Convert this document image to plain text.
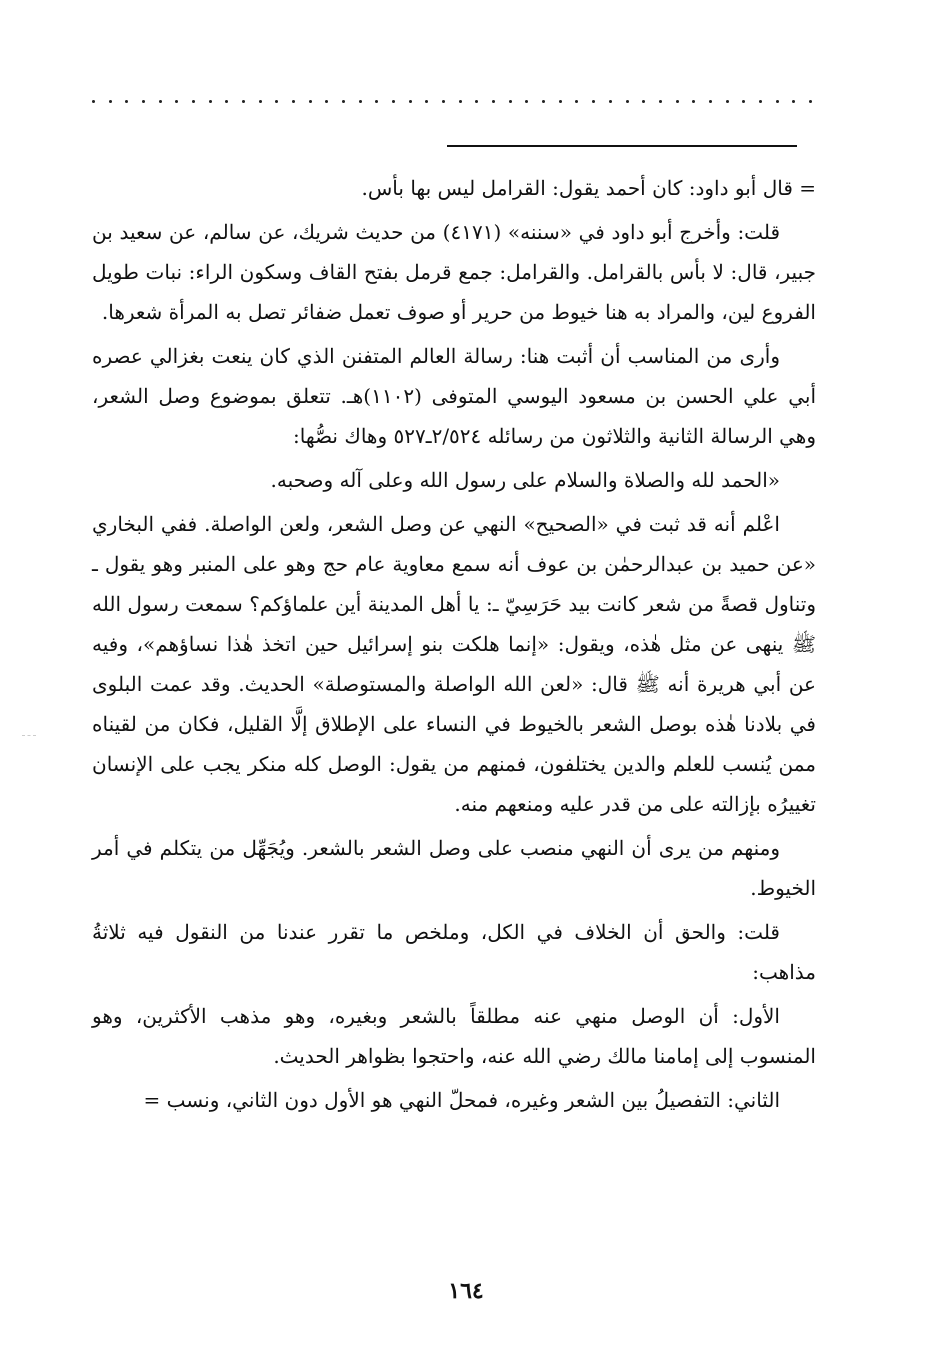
= قال أبو داود: كان أحمد يقول: القرامل ليس بها بأس.

قلت: وأخرج أبو داود في «سننه» (٤١٧١) من حديث شريك، عن سالم، عن سعيد بن جبير، قال: لا بأس بالقرامل. والقرامل: جمع قرمل بفتح القاف وسكون الراء: نبات طويل الفروع لين، والمراد به هنا خيوط من حرير أو صوف تعمل ضفائر تصل به المرأة شعرها.

وأرى من المناسب أن أثبت هنا: رسالة العالم المتفنن الذي كان ينعت بغزالي عصره أبي علي الحسن بن مسعود اليوسي المتوفى (١١٠٢)هـ. تتعلق بموضوع وصل الشعر، وهي الرسالة الثانية والثلاثون من رسائله ٢/٥٢٤ـ٥٢٧ وهاك نصُّها:

«الحمد لله والصلاة والسلام على رسول الله وعلى آله وصحبه.

اعْلم أنه قد ثبت في «الصحيح» النهي عن وصل الشعر، ولعن الواصلة. ففي البخاري «عن حميد بن عبدالرحمٰن بن عوف أنه سمع معاوية عام حج وهو على المنبر وهو يقول ـ وتناول قصةً من شعر كانت بيد حَرَسِيّ ـ: يا أهل المدينة أين علماؤكم؟ سمعت رسول الله ﷺ ينهى عن مثل هٰذه، ويقول: «إنما هلكت بنو إسرائيل حين اتخذ هٰذا نساؤهم»، وفيه عن أبي هريرة أنه ﷺ قال: «لعن الله الواصلة والمستوصلة» الحديث. وقد عمت البلوى في بلادنا هٰذه بوصل الشعر بالخيوط في النساء على الإطلاق إلَّا القليل، فكان من لقيناه ممن يُنسب للعلم والدين يختلفون، فمنهم من يقول: الوصل كله منكر يجب على الإنسان تغييرُه بإزالته على من قدر عليه ومنعهم منه.

ومنهم من يرى أن النهي منصب على وصل الشعر بالشعر. ويُجَهِّل من يتكلم في أمر الخيوط.

قلت: والحق أن الخلاف في الكل، وملخص ما تقرر عندنا من النقول فيه ثلاثةُ مذاهب:

الأول: أن الوصل منهي عنه مطلقاً بالشعر وبغيره، وهو مذهب الأكثرين، وهو المنسوب إلى إمامنا مالك رضي الله عنه، واحتجوا بظواهر الحديث.

الثاني: التفصيلُ بين الشعر وغيره، فمحلّ النهي هو الأول دون الثاني، ونسب =

١٦٤
